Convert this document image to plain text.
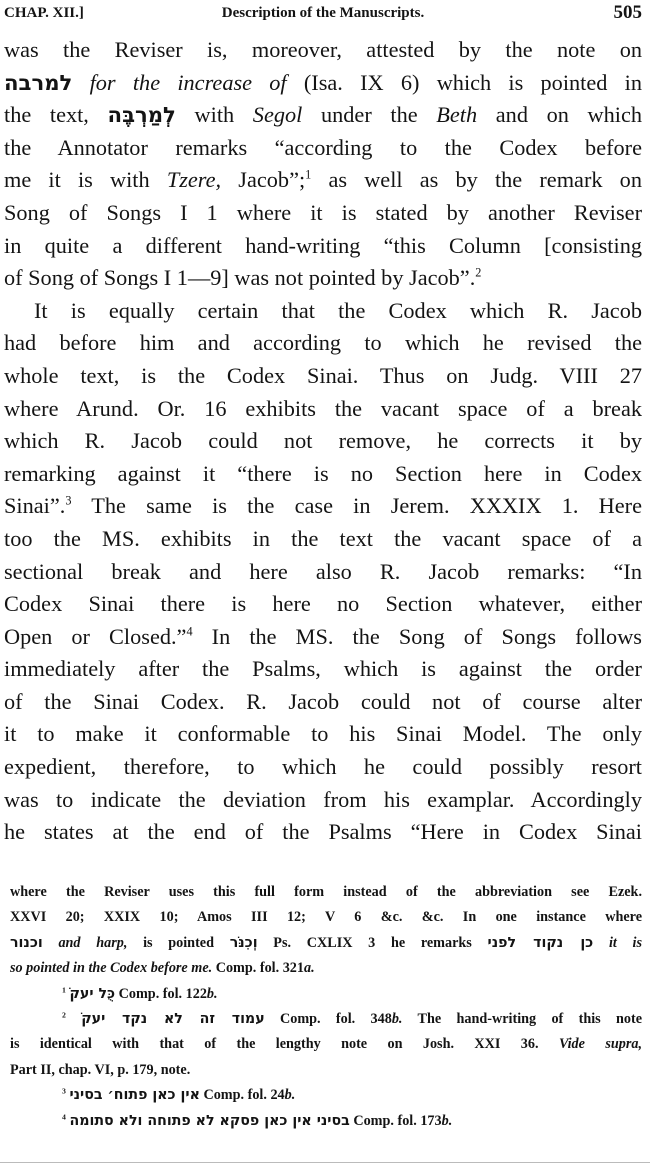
CHAP. XII.]	Description of the Manuscripts.	505
was the Reviser is, moreover, attested by the note on
למרבה for the increase of (Isa. IX 6) which is pointed in
the text, לְמַרְבֶּה with Segol under the Beth and on which
the Annotator remarks “according to the Codex before
me it is with Tzere, Jacob”;$^1$ as well as by the remark on
Song of Songs I 1 where it is stated by another Reviser
in quite a different hand-writing “this Column [consisting
of Song of Songs I 1—9] was not pointed by Jacob”.$^2$
It is equally certain that the Codex which R. Jacob
had before him and according to which he revised the
whole text, is the Codex Sinai. Thus on Judg. VIII 27
where Arund. Or. 16 exhibits the vacant space of a break
which R. Jacob could not remove, he corrects it by
remarking against it “there is no Section here in Codex
Sinai”.$^3$ The same is the case in Jerem. XXXIX 1. Here
too the MS. exhibits in the text the vacant space of a
sectional break and here also R. Jacob remarks: “In
Codex Sinai there is here no Section whatever, either
Open or Closed.”$^4$ In the MS. the Song of Songs follows
immediately after the Psalms, which is against the order
of the Sinai Codex. R. Jacob could not of course alter
it to make it conformable to his Sinai Model. The only
expedient, therefore, to which he could possibly resort
was to indicate the deviation from his examplar. Accordingly
he states at the end of the Psalms “Here in Codex Sinai
where the Reviser uses this full form instead of the abbreviation see Ezek.
XXVI 20; XXIX 10; Amos III 12; V 6 &c. &c. In one instance where
וכנור and harp, is pointed וְכִנֹּר Ps. CXLIX 3 he remarks כן נקוד לפני it is
so pointed in the Codex before me. Comp. fol. 321a.
$^1$ כֻּל יעקֹ Comp. fol. 122b.
$^2$ עמוד זה לא נקד יעקֹ Comp. fol. 348b. The hand-writing of this note
is identical with that of the lengthy note on Josh. XXI 36. Vide supra,
Part II, chap. VI, p. 179, note.
$^3$ אין כאן פתוח׳ בסיני Comp. fol. 24b.
$^4$ בסיני אין כאן פסקא לא פתוחה ולא סתומה Comp. fol. 173b.
